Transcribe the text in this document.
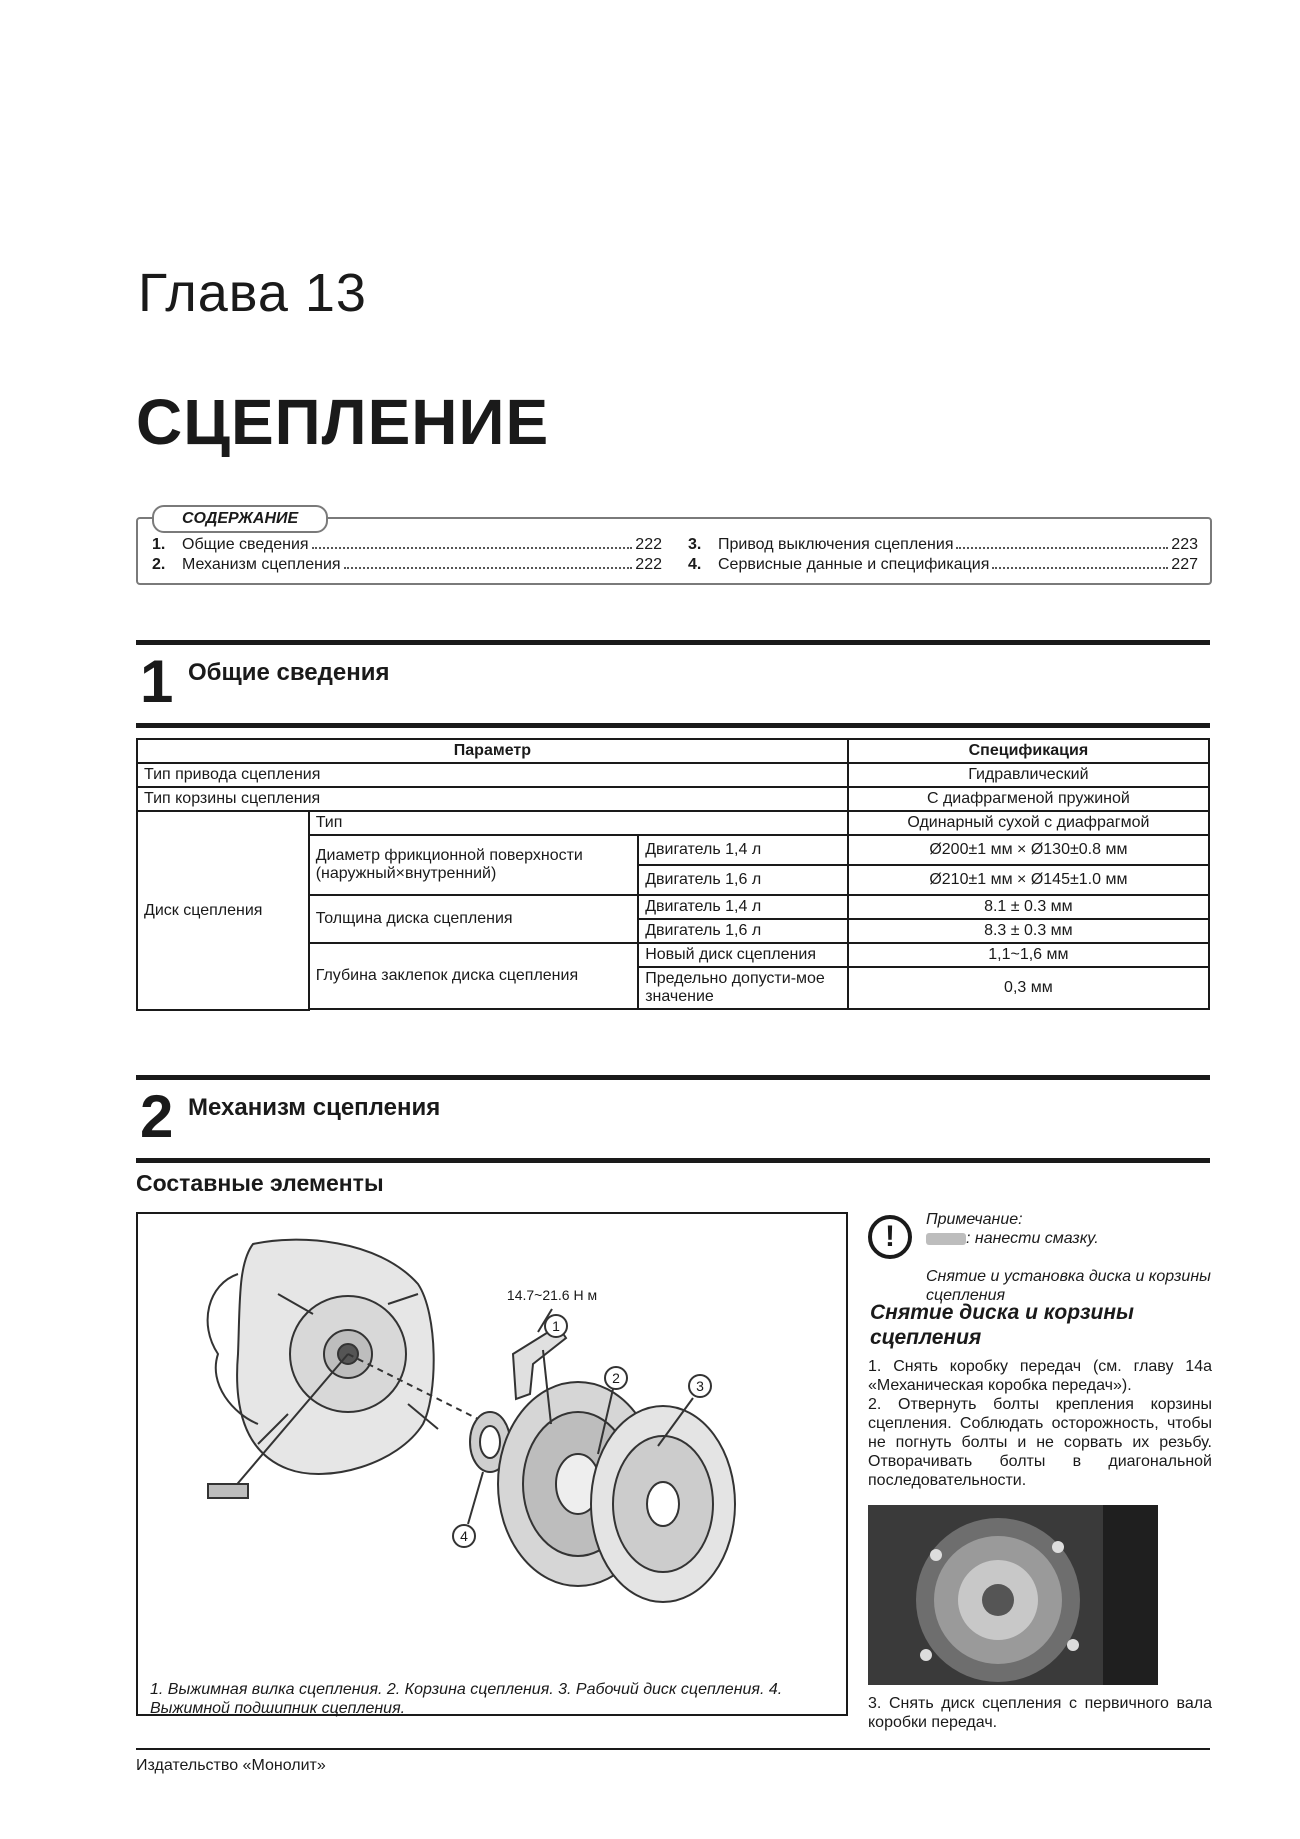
Глава 13
СЦЕПЛЕНИЕ
СОДЕРЖАНИЕ
1.	Общие сведения	222
2.	Механизм сцепления	222
3.	Привод выключения сцепления	223
4.	Сервисные данные и спецификация	227
1 Общие сведения
Параметр			Спецификация
Тип привода сцепления			Гидравлический
Тип корзины сцепления			С диафрагменой пружиной
Диск сцепления	Тип		Одинарный сухой с диафрагмой
	Диаметр фрикционной поверхности (наружный×внутренний)	Двигатель 1,4 л	Ø200±1 мм × Ø130±0.8 мм
		Двигатель 1,6 л	Ø210±1 мм × Ø145±1.0 мм
	Толщина диска сцепления	Двигатель 1,4 л	8.1 ± 0.3 мм
		Двигатель 1,6 л	8.3 ± 0.3 мм
	Глубина заклепок диска сцепления	Новый диск сцепления	1,1~1,6 мм
		Предельно допусти-мое значение	0,3 мм

2 Механизм сцепления
Составные элементы
14.7~21.6 Н м
1
2	3
4
1. Выжимная вилка сцепления. 2. Корзина сцепления. 3. Рабочий диск сцепления. 4. Выжимной подшипник сцепления.
!
Примечание:
: нанести смазку.
Снятие и установка диска и корзины сцепления
Снятие диска и корзины сцепления
1. Снять коробку передач (см. главу 14а «Механическая коробка передач»).
2. Отвернуть болты крепления корзины сцепления. Соблюдать осторожность, чтобы не погнуть болты и не сорвать их резьбу. Отворачивать болты в диагональной последовательности.
3. Снять диск сцепления с первичного вала коробки передач.
Издательство «Монолит»
